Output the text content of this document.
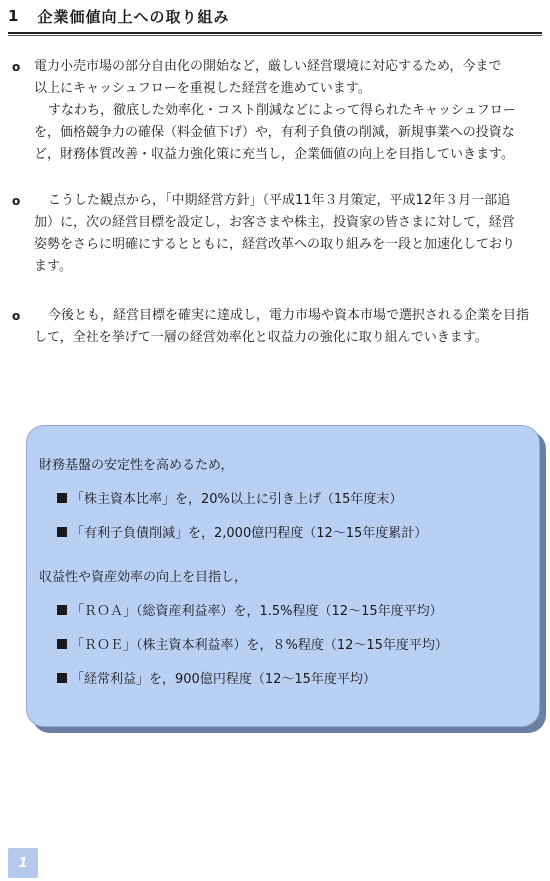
1 企業価値向上への取り組み
o	電力小売市場の部分自由化の開始など，厳しい経営環境に対応するため，今まで
以上にキャッシュフローを重視した経営を進めています。
すなわち，徹底した効率化・コスト削減などによって得られたキャッシュフロー
を，価格競争力の確保（料金値下げ）や，有利子負債の削減，新規事業への投資な
ど，財務体質改善・収益力強化策に充当し，企業価値の向上を目指していきます。
o	こうした観点から，「中期経営方針」（平成11年３月策定，平成12年３月一部追
加）に，次の経営目標を設定し，お客さまや株主，投資家の皆さまに対して，経営
姿勢をさらに明確にするとともに，経営改革への取り組みを一段と加速化しており
ます。
o	今後とも，経営目標を確実に達成し，電力市場や資本市場で選択される企業を目指
して，全社を挙げて一層の経営効率化と収益力の強化に取り組んでいきます。
財務基盤の安定性を高めるため，
「株主資本比率」を，20%以上に引き上げ（15年度末）
「有利子負債削減」を，2,000億円程度（12～15年度累計）
収益性や資産効率の向上を目指し，
「ＲＯＡ」（総資産利益率）を，1.5%程度（12～15年度平均）
「ＲＯＥ」（株主資本利益率）を，８%程度（12～15年度平均）
「経常利益」を，900億円程度（12～15年度平均）
1
